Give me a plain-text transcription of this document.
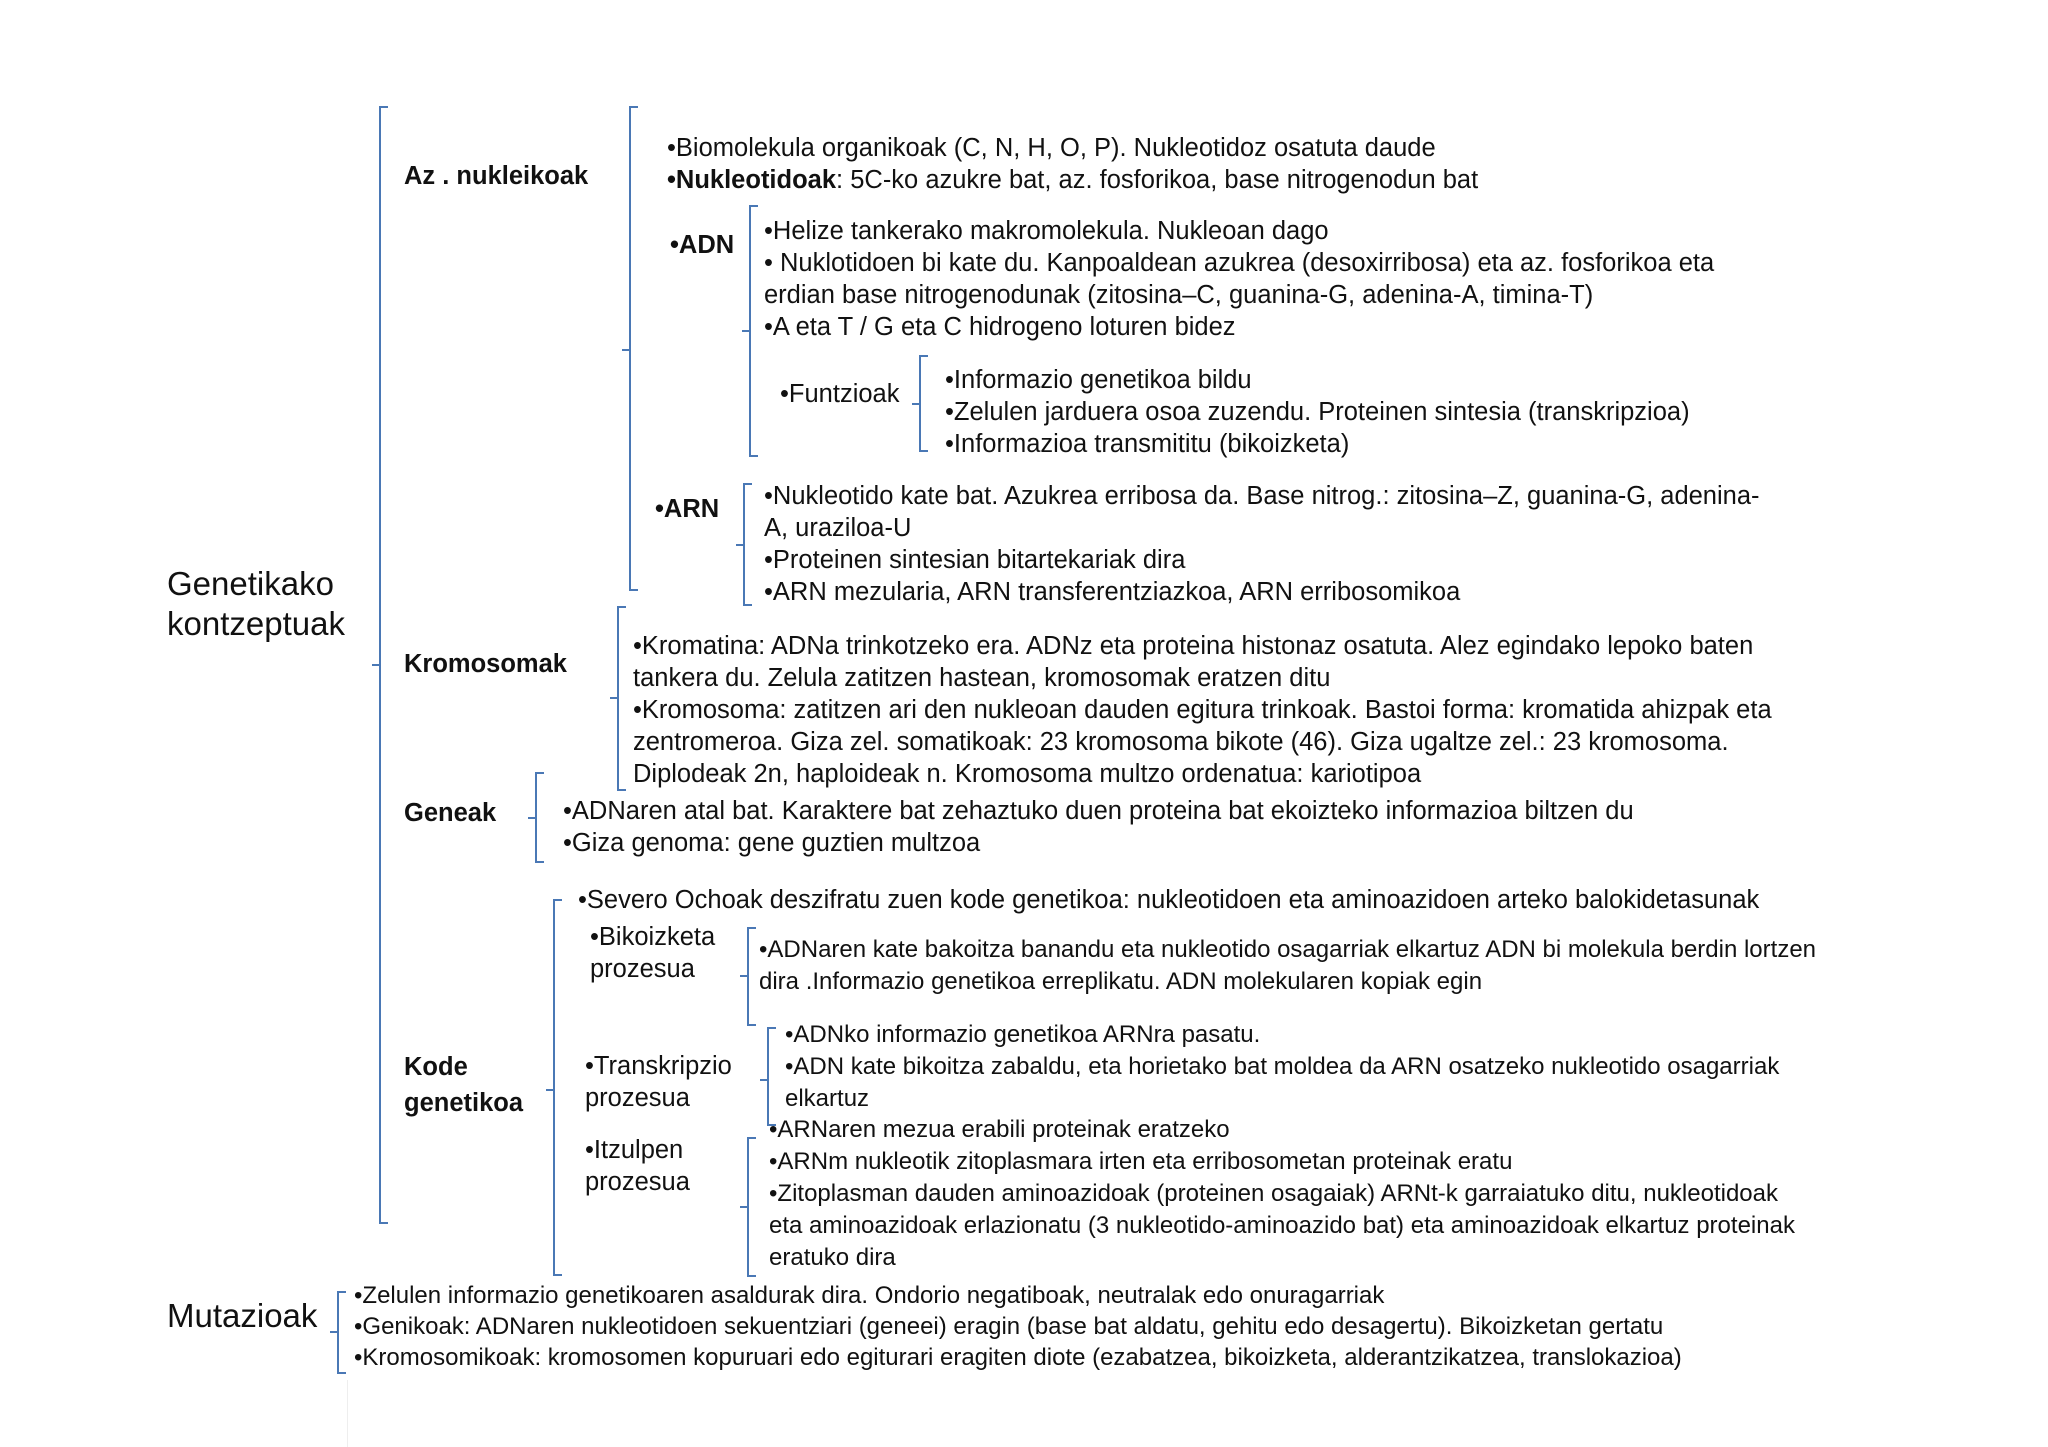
Genetikako
kontzeptuak
Az . nukleikoak
•Biomolekula organikoak (C, N, H, O, P). Nukleotidoz osatuta daude
•Nukleotidoak: 5C-ko azukre bat, az. fosforikoa, base nitrogenodun bat
•ADN •Helize tankerako makromolekula. Nukleoan dago
• Nuklotidoen bi kate du. Kanpoaldean azukrea (desoxirribosa) eta az. fosforikoa eta
erdian base nitrogenodunak (zitosina–C, guanina-G, adenina-A, timina-T)
•A eta T / G eta C hidrogeno loturen bidez
•Funtzioak •Informazio genetikoa bildu
•Zelulen jarduera osoa zuzendu. Proteinen sintesia (transkripzioa)
•Informazioa transmititu (bikoizketa)
•ARN •Nukleotido kate bat. Azukrea erribosa da. Base nitrog.: zitosina–Z, guanina-G, adenina-
A, uraziloa-U
•Proteinen sintesian bitartekariak dira
•ARN mezularia, ARN transferentziazkoa, ARN erribosomikoa
Kromosomak
•Kromatina: ADNa trinkotzeko era. ADNz eta proteina histonaz osatuta. Alez egindako lepoko baten
tankera du. Zelula zatitzen hastean, kromosomak eratzen ditu
•Kromosoma: zatitzen ari den nukleoan dauden egitura trinkoak. Bastoi forma: kromatida ahizpak eta
zentromeroa. Giza zel. somatikoak: 23 kromosoma bikote (46). Giza ugaltze zel.: 23 kromosoma.
Diplodeak 2n, haploideak n. Kromosoma multzo ordenatua: kariotipoa
Geneak	•ADNaren atal bat. Karaktere bat zehaztuko duen proteina bat ekoizteko informazioa biltzen du
•Giza genoma: gene guztien multzoa
Kode
genetikoa
•Severo Ochoak deszifratu zuen kode genetikoa: nukleotidoen eta aminoazidoen arteko balokidetasunak
•Bikoizketa
prozesua
•ADNaren kate bakoitza banandu eta nukleotido osagarriak elkartuz ADN bi molekula berdin lortzen
dira .Informazio genetikoa erreplikatu. ADN molekularen kopiak egin
•Transkripzio
prozesua
•ADNko informazio genetikoa ARNra pasatu.
•ADN kate bikoitza zabaldu, eta horietako bat moldea da ARN osatzeko nukleotido osagarriak
elkartuz
•Itzulpen
prozesua
•ARNaren mezua erabili proteinak eratzeko
•ARNm nukleotik zitoplasmara irten eta erribosometan proteinak eratu
•Zitoplasman dauden aminoazidoak (proteinen osagaiak) ARNt-k garraiatuko ditu, nukleotidoak
eta aminoazidoak erlazionatu (3 nukleotido-aminoazido bat) eta aminoazidoak elkartuz proteinak
eratuko dira
Mutazioak
•Zelulen informazio genetikoaren asaldurak dira. Ondorio negatiboak, neutralak edo onuragarriak
•Genikoak: ADNaren nukleotidoen sekuentziari (geneei) eragin (base bat aldatu, gehitu edo desagertu). Bikoizketan gertatu
•Kromosomikoak: kromosomen kopuruari edo egiturari eragiten diote (ezabatzea, bikoizketa, alderantzikatzea, translokazioa)
